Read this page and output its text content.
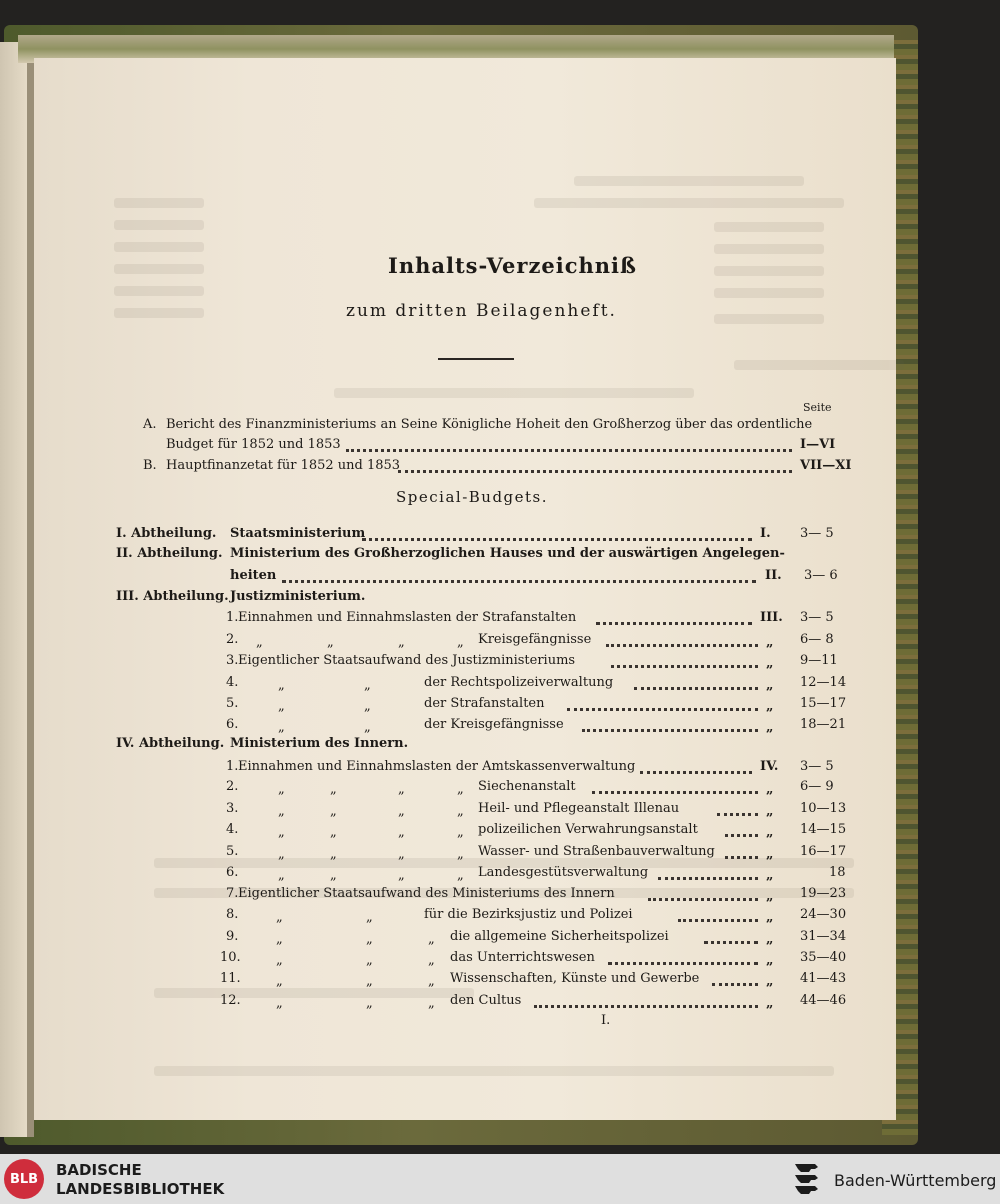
Inhalts-Verzeichniß
zum dritten Beilagenheft.
Seite
A. Bericht des Finanzministeriums an Seine Königliche Hoheit den Großherzog über das ordentliche
Budget für 1852 und 1853	I—VI
B. Hauptfinanzetat für 1852 und 1853	VII—XI
Special-Budgets.
I. Abtheilung. Staatsministerium	I. 3— 5
II. Abtheilung. Ministerium des Großherzoglichen Hauses und der auswärtigen Angelegen-
heiten	II. 3— 6
III. Abtheilung. Justizministerium.
1. Einnahmen und Einnahmslasten der Strafanstalten	III. 3— 5
2. „	„	„	„ Kreisgefängnisse	„ 6— 8
3. Eigentlicher Staatsaufwand des Justizministeriums	„ 9—11
4.	„	„	der Rechtspolizeiverwaltung	„ 12—14
5.	„	„	der Strafanstalten	„ 15—17
6.	„	„	der Kreisgefängnisse	„ 18—21
IV. Abtheilung. Ministerium des Innern.
1. Einnahmen und Einnahmslasten der Amtskassenverwaltung	IV. 3— 5
2.	„	„	„	„ Siechenanstalt	„ 6— 9
3.	„	„	„	„ Heil- und Pflegeanstalt Illenau	„ 10—13
4.	„	„	„	„ polizeilichen Verwahrungsanstalt	„ 14—15
5.	„	„	„	„ Wasser- und Straßenbauverwaltung	„ 16—17
6.	„	„	„	„ Landesgestütsverwaltung	„	18
7. Eigentlicher Staatsaufwand des Ministeriums des Innern	„ 19—23
8.	„	„	für die Bezirksjustiz und Polizei	„ 24—30
9.	„	„	„ die allgemeine Sicherheitspolizei	„ 31—34
10.	„	„	„ das Unterrichtswesen	„ 35—40
11.	„	„	„ Wissenschaften, Künste und Gewerbe	„ 41—43
12.	„	„	„ den Cultus	„ 44—46
I.
BLB BADISCHE
LANDESBIBLIOTHEK	Baden-Württemberg
